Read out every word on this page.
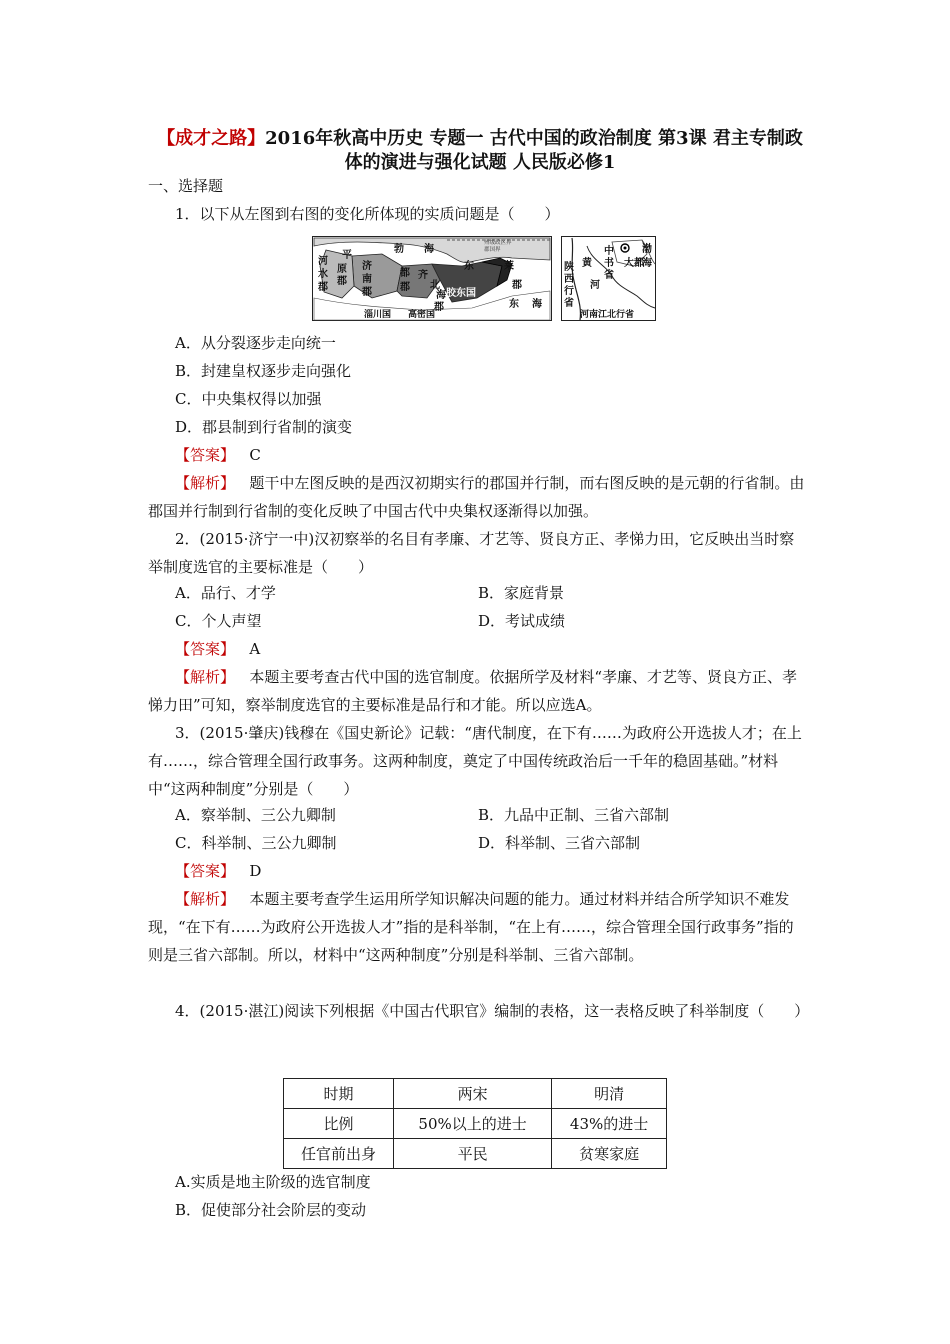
【成才之路】2016年秋高中历史 专题一 古代中国的政治制度 第3课 君主专制政体的演进与强化试题 人民版必修1
一、选择题
1．以下从左图到右图的变化所体现的实质问题是（　　）
州级政区界
郡国界
勃 海
东	莱
郡
东 海
平
原
郡
济
南
郡
河
水
郡
都
郡
齐
北
海
郡
胶东国
淄川国 高密国
中
书
省
大都
渤
海
陕
西
行
省
黄
河
河南江北行省
A．从分裂逐步走向统一
B．封建皇权逐步走向强化
C．中央集权得以加强
D．郡县制到行省制的演变
【答案】 C
【解析】 题干中左图反映的是西汉初期实行的郡国并行制，而右图反映的是元朝的行省制。由郡国并行制到行省制的变化反映了中国古代中央集权逐渐得以加强。
2．(2015·济宁一中)汉初察举的名目有孝廉、才艺等、贤良方正、孝悌力田，它反映出当时察举制度选官的主要标准是（　　）
A．品行、才学	B．家庭背景
C．个人声望	D．考试成绩
【答案】 A
【解析】 本题主要考查古代中国的选官制度。依据所学及材料“孝廉、才艺等、贤良方正、孝悌力田”可知，察举制度选官的主要标准是品行和才能。所以应选A。
3．(2015·肇庆)钱穆在《国史新论》记载：“唐代制度，在下有……为政府公开选拔人才；在上有……，综合管理全国行政事务。这两种制度，奠定了中国传统政治后一千年的稳固基础。”材料中“这两种制度”分别是（　　）
A．察举制、三公九卿制	B．九品中正制、三省六部制
C．科举制、三公九卿制	D．科举制、三省六部制
【答案】 D
【解析】 本题主要考查学生运用所学知识解决问题的能力。通过材料并结合所学知识不难发现，“在下有……为政府公开选拔人才”指的是科举制，“在上有……，综合管理全国行政事务”指的则是三省六部制。所以，材料中“这两种制度”分别是科举制、三省六部制。
4．(2015·湛江)阅读下列根据《中国古代职官》编制的表格，这一表格反映了科举制度（　　）
时期	两宋	明清
比例	50%以上的进士	43%的进士
任官前出身	平民	贫寒家庭
A.实质是地主阶级的选官制度
B．促使部分社会阶层的变动
